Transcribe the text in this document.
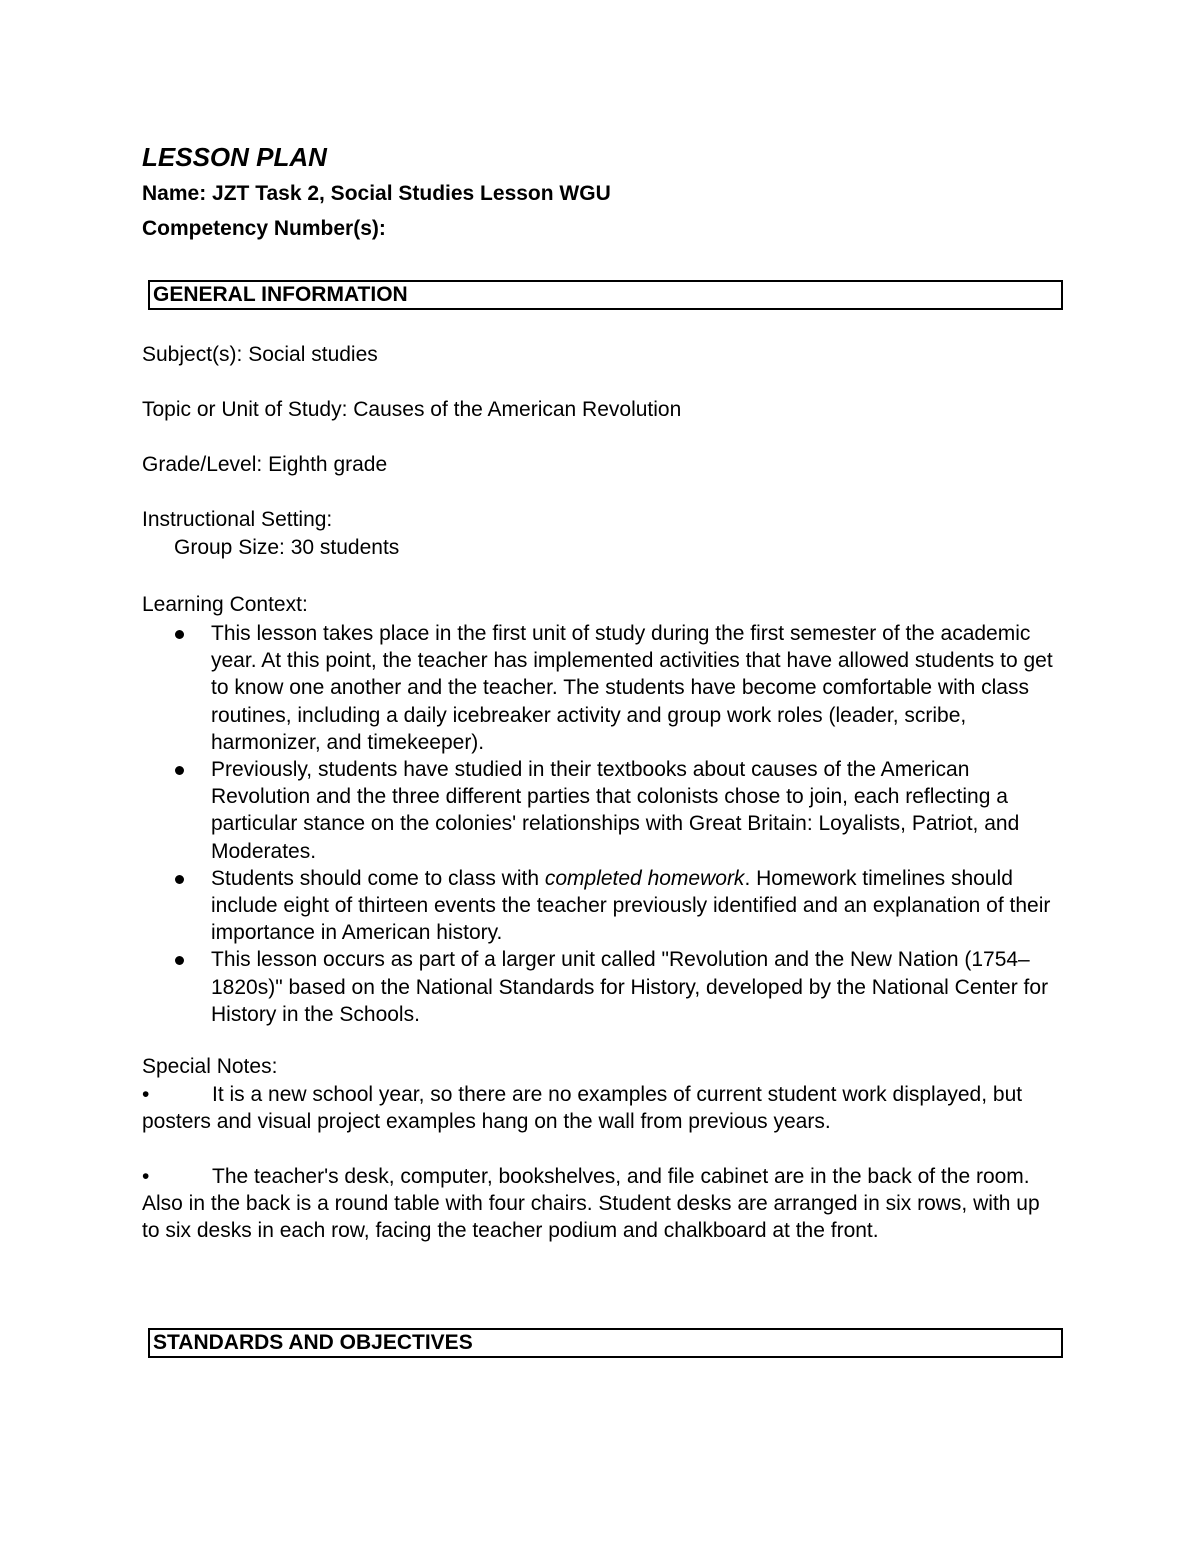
LESSON PLAN

Name: JZT Task 2, Social Studies Lesson WGU

Competency Number(s):

GENERAL INFORMATION

Subject(s): Social studies

Topic or Unit of Study: Causes of the American Revolution

Grade/Level: Eighth grade

Instructional Setting:

Group Size: 30 students

Learning Context:

This lesson takes place in the first unit of study during the first semester of the academic year. At this point, the teacher has implemented activities that have allowed students to get to know one another and the teacher. The students have become comfortable with class routines, including a daily icebreaker activity and group work roles (leader, scribe, harmonizer, and timekeeper).
Previously, students have studied in their textbooks about causes of the American Revolution and the three different parties that colonists chose to join, each reflecting a particular stance on the colonies' relationships with Great Britain: Loyalists, Patriot, and Moderates.
Students should come to class with completed homework. Homework timelines should include eight of thirteen events the teacher previously identified and an explanation of their importance in American history.
This lesson occurs as part of a larger unit called "Revolution and the New Nation (1754–1820s)" based on the National Standards for History, developed by the National Center for History in the Schools.

Special Notes:

•	It is a new school year, so there are no examples of current student work displayed, but posters and visual project examples hang on the wall from previous years.

•	The teacher's desk, computer, bookshelves, and file cabinet are in the back of the room. Also in the back is a round table with four chairs. Student desks are arranged in six rows, with up to six desks in each row, facing the teacher podium and chalkboard at the front.

STANDARDS AND OBJECTIVES
